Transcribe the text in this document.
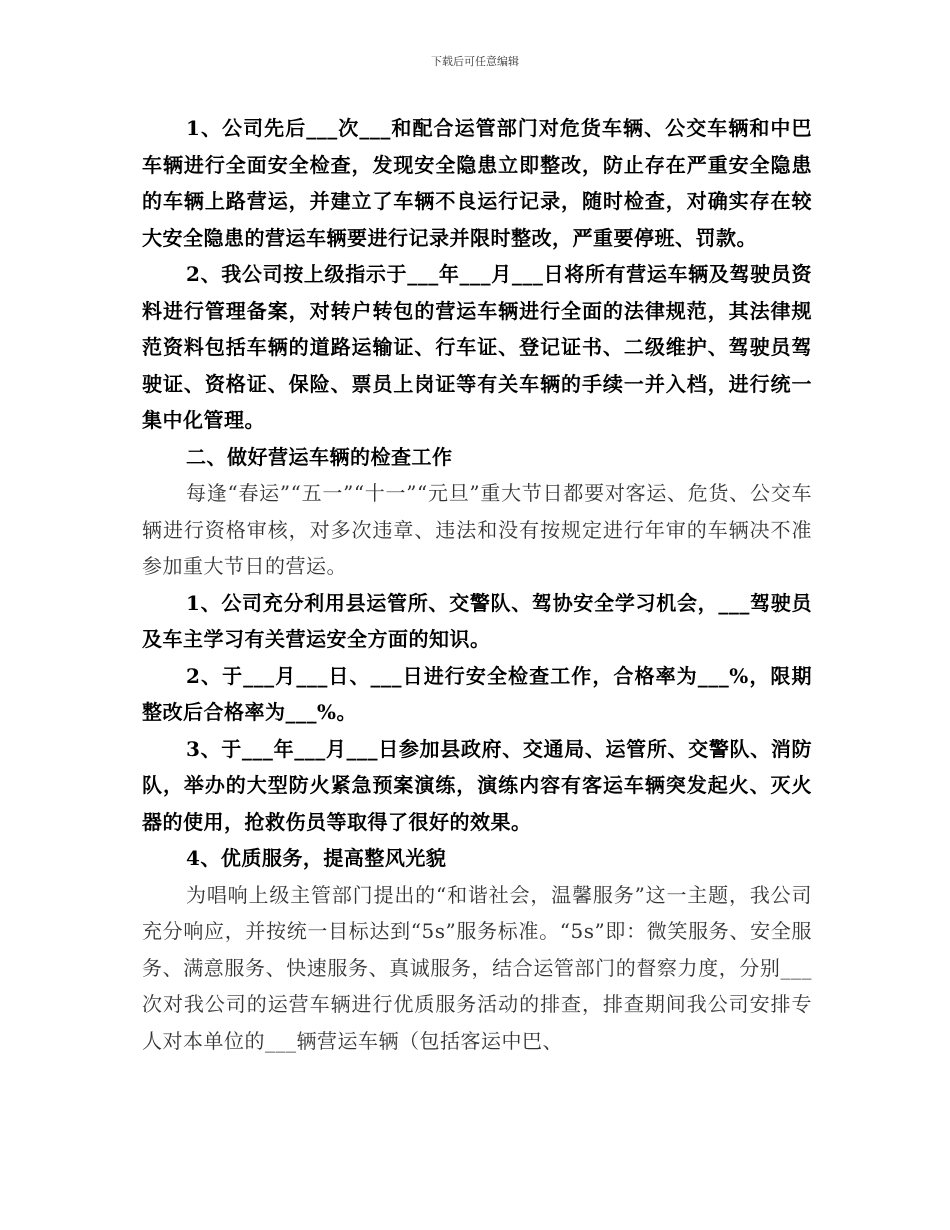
下载后可任意编辑

1、公司先后___次___和配合运管部门对危货车辆、公交车辆和中巴车辆进行全面安全检查，发现安全隐患立即整改，防止存在严重安全隐患的车辆上路营运，并建立了车辆不良运行记录，随时检查，对确实存在较大安全隐患的营运车辆要进行记录并限时整改，严重要停班、罚款。

2、我公司按上级指示于___年___月___日将所有营运车辆及驾驶员资料进行管理备案，对转户转包的营运车辆进行全面的法律规范，其法律规范资料包括车辆的道路运输证、行车证、登记证书、二级维护、驾驶员驾驶证、资格证、保险、票员上岗证等有关车辆的手续一并入档，进行统一集中化管理。

二、做好营运车辆的检查工作

每逢“春运”“五一”“十一”“元旦”重大节日都要对客运、危货、公交车辆进行资格审核，对多次违章、违法和没有按规定进行年审的车辆决不准参加重大节日的营运。

1、公司充分利用县运管所、交警队、驾协安全学习机会，___驾驶员及车主学习有关营运安全方面的知识。

2、于___月___日、___日进行安全检查工作，合格率为___%，限期整改后合格率为___%。

3、于___年___月___日参加县政府、交通局、运管所、交警队、消防队，举办的大型防火紧急预案演练，演练内容有客运车辆突发起火、灭火器的使用，抢救伤员等取得了很好的效果。

4、优质服务，提高整风光貌

为唱响上级主管部门提出的“和谐社会，温馨服务”这一主题，我公司充分响应，并按统一目标达到“5s”服务标准。“5s”即：微笑服务、安全服务、满意服务、快速服务、真诚服务，结合运管部门的督察力度，分别___次对我公司的运营车辆进行优质服务活动的排查，排查期间我公司安排专人对本单位的___辆营运车辆（包括客运中巴、
